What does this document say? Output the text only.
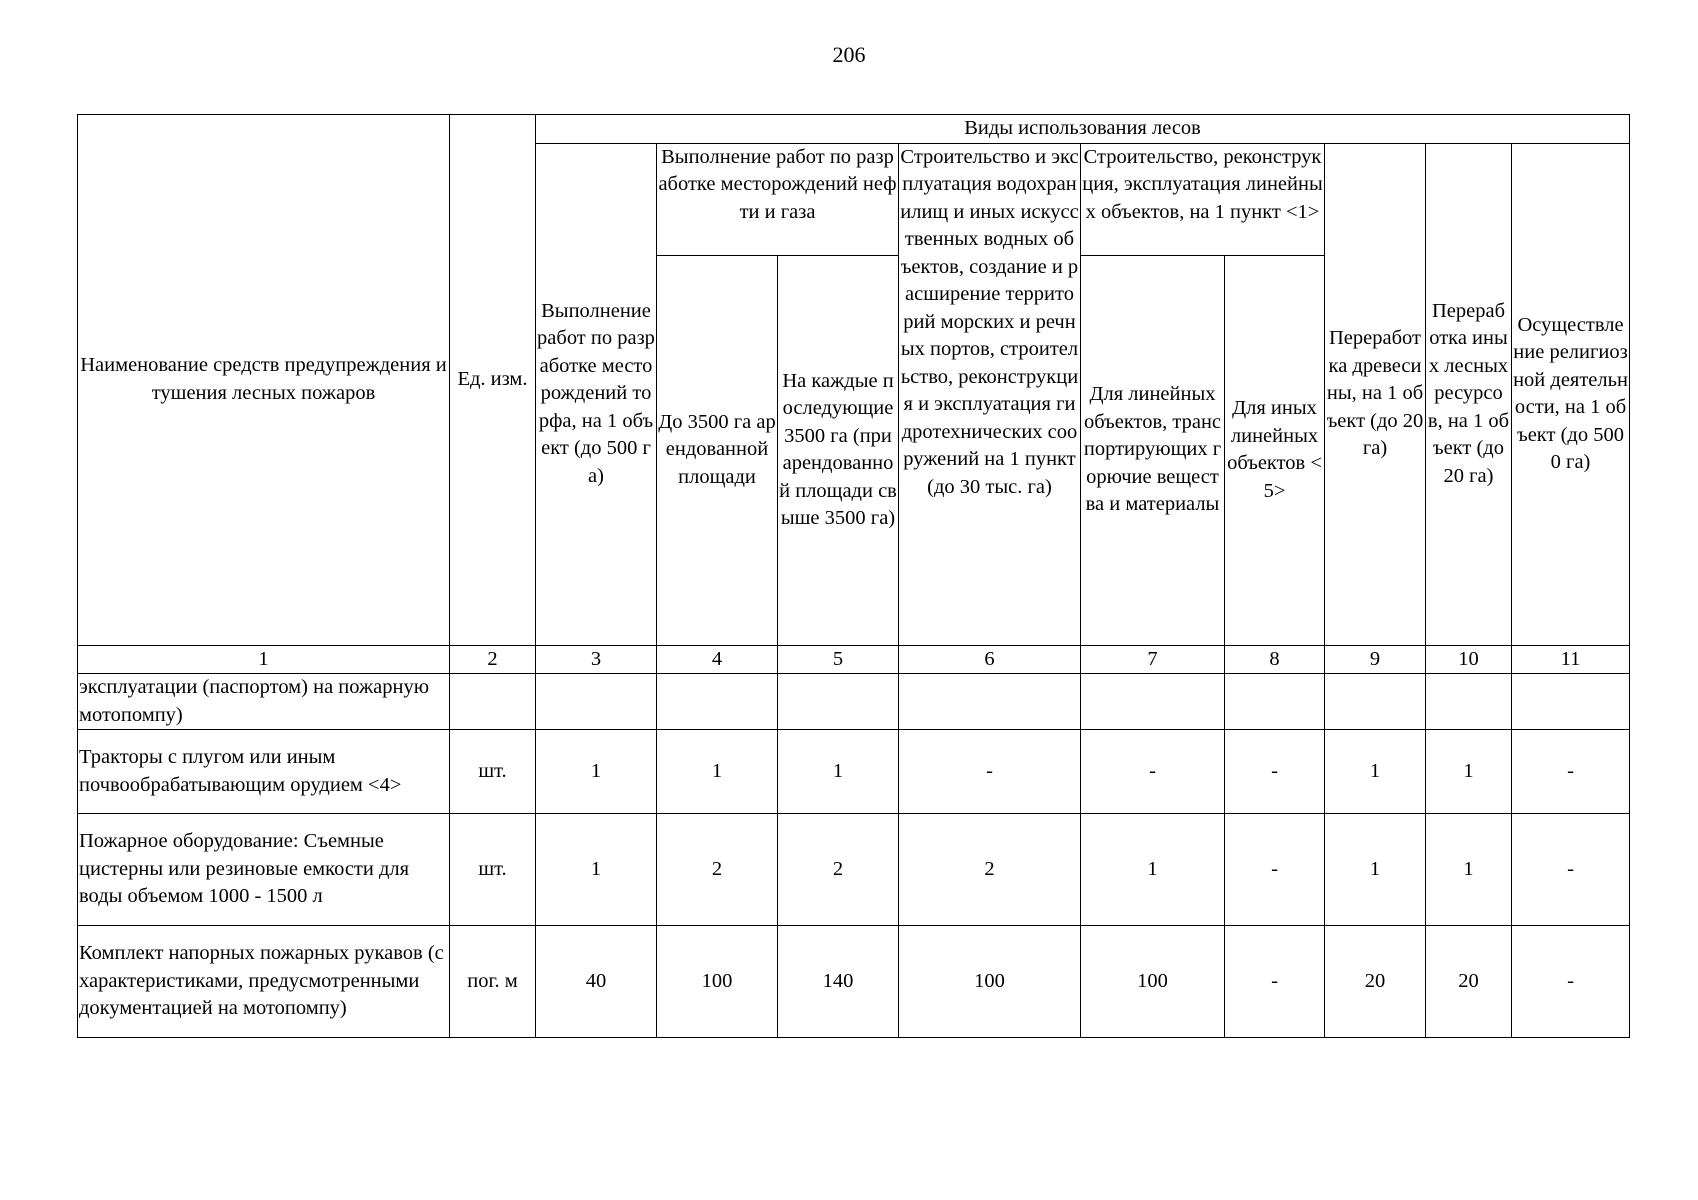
206
Наименование средств предупреждения и тушения лесных пожаров	Ед. изм.	Виды использования лесов								
		Выполнение работ по разработке месторождений торфа, на 1 объект (до 500 га)	Выполнение работ по разработке месторождений нефти и газа		Строительство и эксплуатация водохранилищ и иных искусственных водных объектов, создание и расширение территорий морских и речных портов, строительство, реконструкция и эксплуатация гидротехнических сооружений на 1 пункт (до 30 тыс. га)	Строительство, реконструкция, эксплуатация линейных объектов, на 1 пункт <1>		Переработка древесины, на 1 объект (до 20 га)	Переработка иных лесных ресурсов, на 1 объект (до 20 га)	Осуществление религиозной деятельности, на 1 объект (до 5000 га)
			До 3500 га арендованной площади	На каждые последующие 3500 га (при арендованной площади свыше 3500 га)		Для линейных объектов, транспортирующих горючие вещества и материалы	Для иных линейных объектов <5>			
1	2	3	4	5	6	7	8	9	10	11
эксплуатации (паспортом) на пожарную мотопомпу)										
Тракторы с плугом или иным почвообрабатывающим орудием <4>	шт.	1	1	1	-	-	-	1	1	-
Пожарное оборудование: Съемные цистерны или резиновые емкости для воды объемом 1000 - 1500 л	шт.	1	2	2	2	1	-	1	1	-
Комплект напорных пожарных рукавов (с характеристиками, предусмотренными документацией на мотопомпу)	пог. м	40	100	140	100	100	-	20	20	-
